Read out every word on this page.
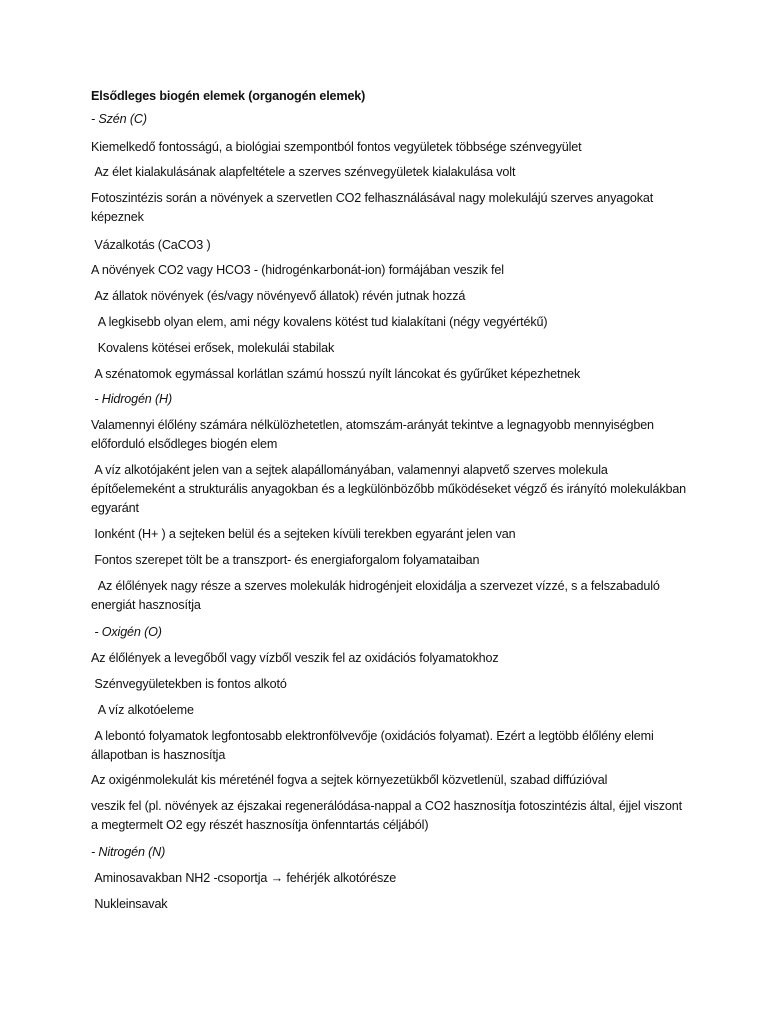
Elsődleges biogén elemek (organogén elemek)
- Szén (C)
Kiemelkedő fontosságú, a biológiai szempontból fontos vegyületek többsége szénvegyület
Az élet kialakulásának alapfeltétele a szerves szénvegyületek kialakulása volt
Fotoszintézis során a növények a szervetlen CO2 felhasználásával nagy molekulájú szerves anyagokat képeznek
Vázalkotás (CaCO3 )
A növények CO2 vagy HCO3 - (hidrogénkarbonát-ion) formájában veszik fel
Az állatok növények (és/vagy növényevő állatok) révén jutnak hozzá
A legkisebb olyan elem, ami négy kovalens kötést tud kialakítani (négy vegyértékű)
Kovalens kötései erősek, molekulái stabilak
A szénatomok egymással korlátlan számú hosszú nyílt láncokat és gyűrűket képezhetnek
- Hidrogén (H)
Valamennyi élőlény számára nélkülözhetetlen, atomszám-arányát tekintve a legnagyobb mennyiségben előforduló elsődleges biogén elem
A víz alkotójaként jelen van a sejtek alapállományában, valamennyi alapvető szerves molekula építőelemeként a strukturális anyagokban és a legkülönbözőbb működéseket végző és irányító molekulákban egyaránt
Ionként (H+ ) a sejteken belül és a sejteken kívüli terekben egyaránt jelen van
Fontos szerepet tölt be a transzport- és energiaforgalom folyamataiban
Az élőlények nagy része a szerves molekulák hidrogénjeit eloxidálja a szervezet vízzé, s a felszabaduló energiát hasznosítja
- Oxigén (O)
Az élőlények a levegőből vagy vízből veszik fel az oxidációs folyamatokhoz
Szénvegyületekben is fontos alkotó
A víz alkotóeleme
A lebontó folyamatok legfontosabb elektronfölvevője (oxidációs folyamat). Ezért a legtöbb élőlény elemi állapotban is hasznosítja
Az oxigénmolekulát kis méreténél fogva a sejtek környezetükből közvetlenül, szabad diffúzióval
veszik fel (pl. növények az éjszakai regenerálódása-nappal a CO2 hasznosítja fotoszintézis által, éjjel viszont a megtermelt O2 egy részét hasznosítja önfenntartás céljából)
- Nitrogén (N)
Aminosavakban NH2 -csoportja → fehérjék alkotórésze
Nukleinsavak
